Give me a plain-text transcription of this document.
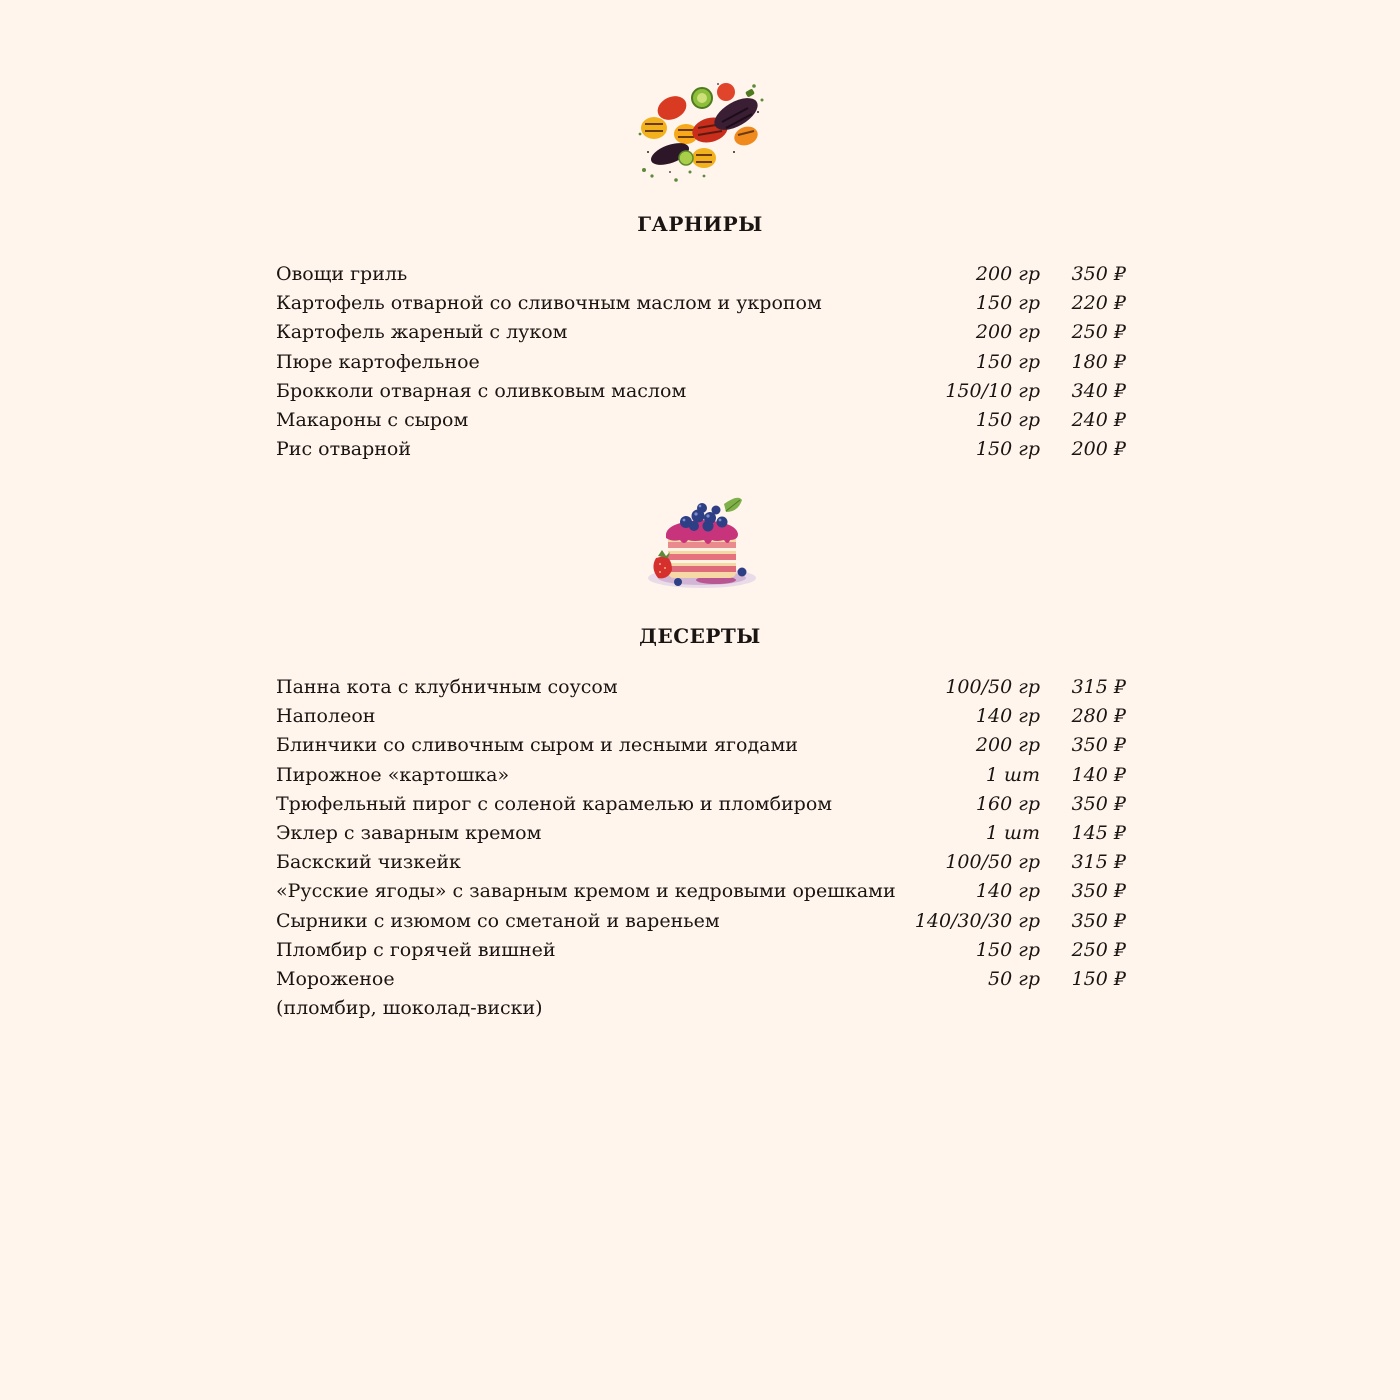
ГАРНИРЫ
Овощи гриль	200 гр 350 ₽
Картофель отварной со сливочным маслом и укропом	150 гр 220 ₽
Картофель жареный с луком	200 гр 250 ₽
Пюре картофельное	150 гр 180 ₽
Брокколи отварная с оливковым маслом	150/10 гр 340 ₽
Макароны с сыром	150 гр 240 ₽
Рис отварной	150 гр 200 ₽
ДЕСЕРТЫ
Панна кота с клубничным соусом	100/50 гр 315 ₽
Наполеон	140 гр 280 ₽
Блинчики со сливочным сыром и лесными ягодами	200 гр 350 ₽
Пирожное «картошка»	1 шт 140 ₽
Трюфельный пирог с соленой карамелью и пломбиром	160 гр 350 ₽
Эклер с заварным кремом	1 шт 145 ₽
Баскский чизкейк	100/50 гр 315 ₽
«Русские ягоды» с заварным кремом и кедровыми орешками	140 гр 350 ₽
Сырники с изюмом со сметаной и вареньем	140/30/30 гр 350 ₽
Пломбир с горячей вишней	150 гр 250 ₽
Мороженое	50 гр 150 ₽
(пломбир, шоколад-виски)
